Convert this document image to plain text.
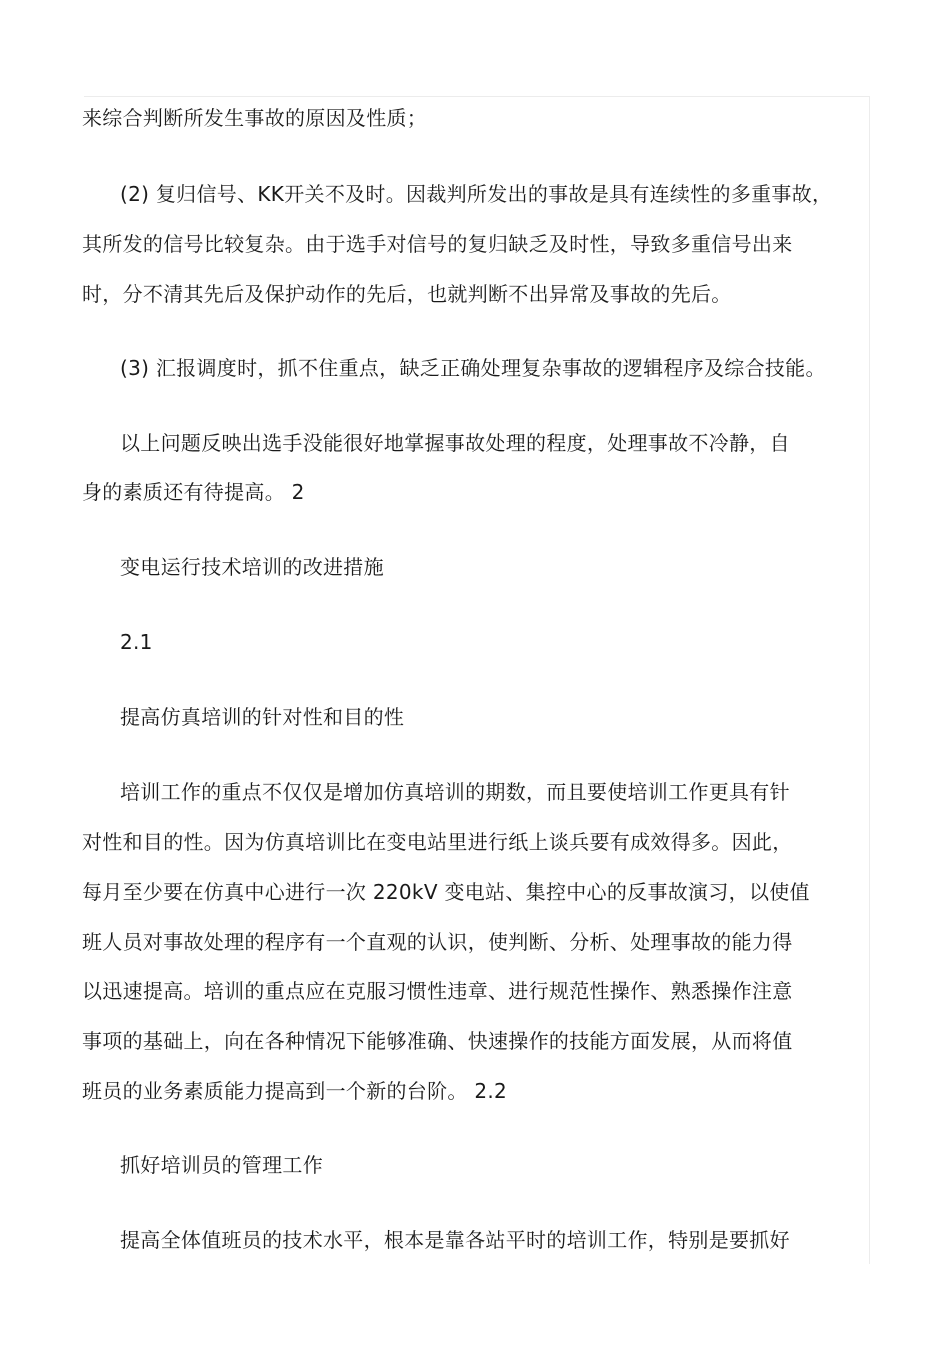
来综合判断所发生事故的原因及性质；
(2) 复归信号、KK开关不及时。因裁判所发出的事故是具有连续性的多重事故，
其所发的信号比较复杂。由于选手对信号的复归缺乏及时性，导致多重信号出来
时，分不清其先后及保护动作的先后，也就判断不出异常及事故的先后。
(3) 汇报调度时，抓不住重点，缺乏正确处理复杂事故的逻辑程序及综合技能。
以上问题反映出选手没能很好地掌握事故处理的程度，处理事故不冷静，自
身的素质还有待提高。 2
变电运行技术培训的改进措施
2.1
提高仿真培训的针对性和目的性
培训工作的重点不仅仅是增加仿真培训的期数，而且要使培训工作更具有针
对性和目的性。因为仿真培训比在变电站里进行纸上谈兵要有成效得多。因此，
每月至少要在仿真中心进行一次 220kV 变电站、集控中心的反事故演习，以使值
班人员对事故处理的程序有一个直观的认识，使判断、分析、处理事故的能力得
以迅速提高。培训的重点应在克服习惯性违章、进行规范性操作、熟悉操作注意
事项的基础上，向在各种情况下能够准确、快速操作的技能方面发展，从而将值
班员的业务素质能力提高到一个新的台阶。 2.2
抓好培训员的管理工作
提高全体值班员的技术水平，根本是靠各站平时的培训工作，特别是要抓好
